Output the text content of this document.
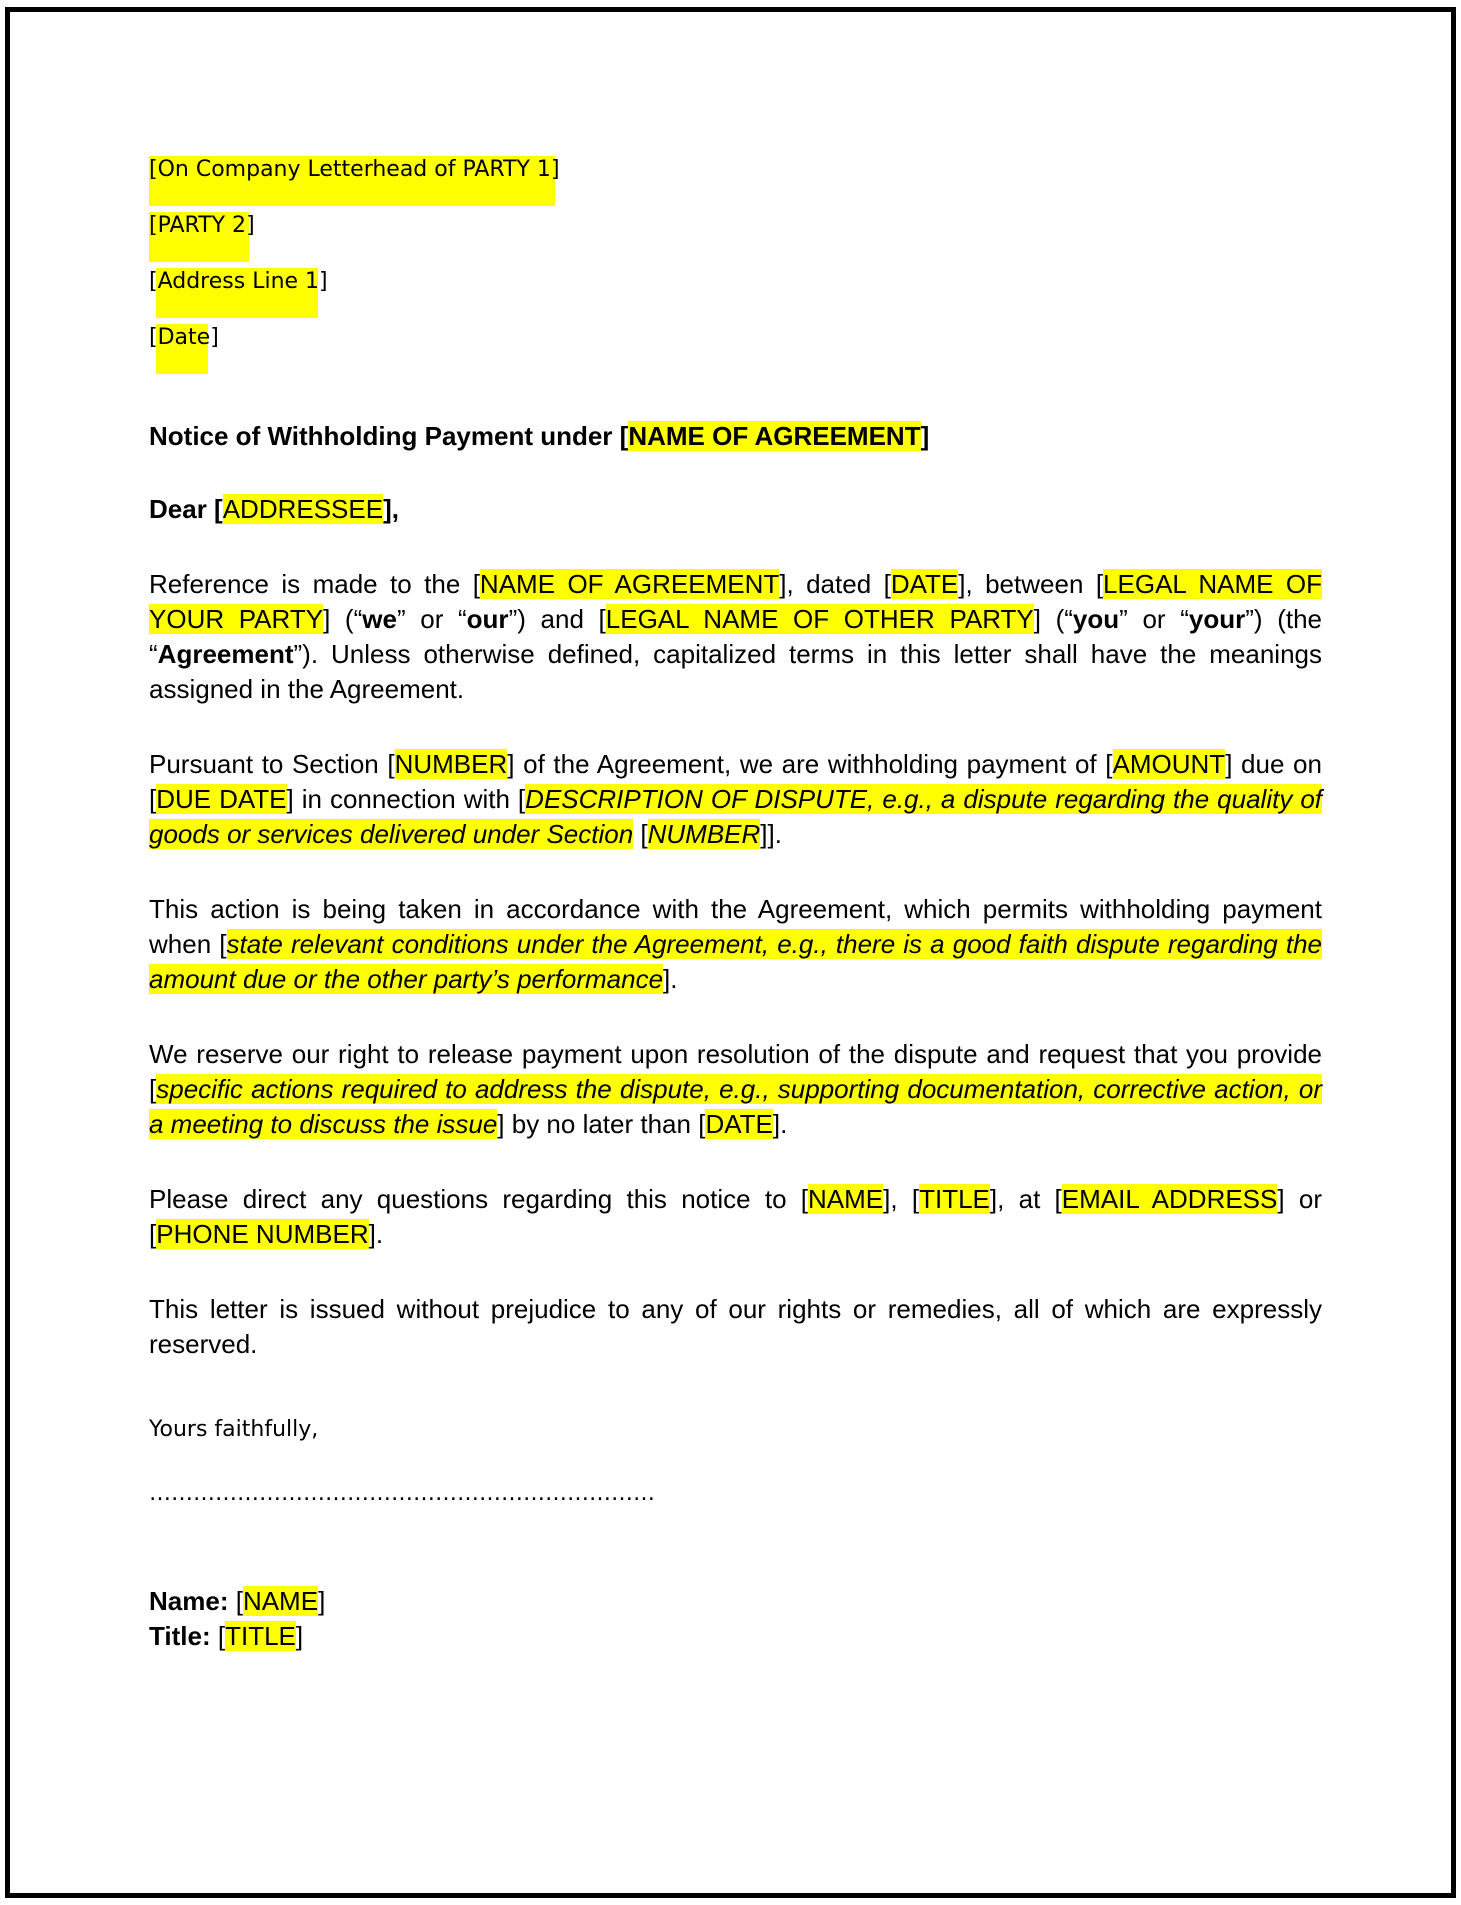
[On Company Letterhead of PARTY 1]
[PARTY 2]
[Address Line 1]
[Date]

Notice of Withholding Payment under [NAME OF AGREEMENT]

Dear [ADDRESSEE],

Reference is made to the [NAME OF AGREEMENT], dated [DATE], between [LEGAL NAME OF YOUR PARTY] (“we” or “our”) and [LEGAL NAME OF OTHER PARTY] (“you” or “your”) (the “Agreement”). Unless otherwise defined, capitalized terms in this letter shall have the meanings assigned in the Agreement.

Pursuant to Section [NUMBER] of the Agreement, we are withholding payment of [AMOUNT] due on [DUE DATE] in connection with [DESCRIPTION OF DISPUTE, e.g., a dispute regarding the quality of goods or services delivered under Section [NUMBER]].

This action is being taken in accordance with the Agreement, which permits withholding payment when [state relevant conditions under the Agreement, e.g., there is a good faith dispute regarding the amount due or the other party’s performance].

We reserve our right to release payment upon resolution of the dispute and request that you provide [specific actions required to address the dispute, e.g., supporting documentation, corrective action, or a meeting to discuss the issue] by no later than [DATE].

Please direct any questions regarding this notice to [NAME], [TITLE], at [EMAIL ADDRESS] or [PHONE NUMBER].

This letter is issued without prejudice to any of our rights or remedies, all of which are expressly reserved.

Yours faithfully,

……………………………………………………………

Name: [NAME]

Title: [TITLE]
